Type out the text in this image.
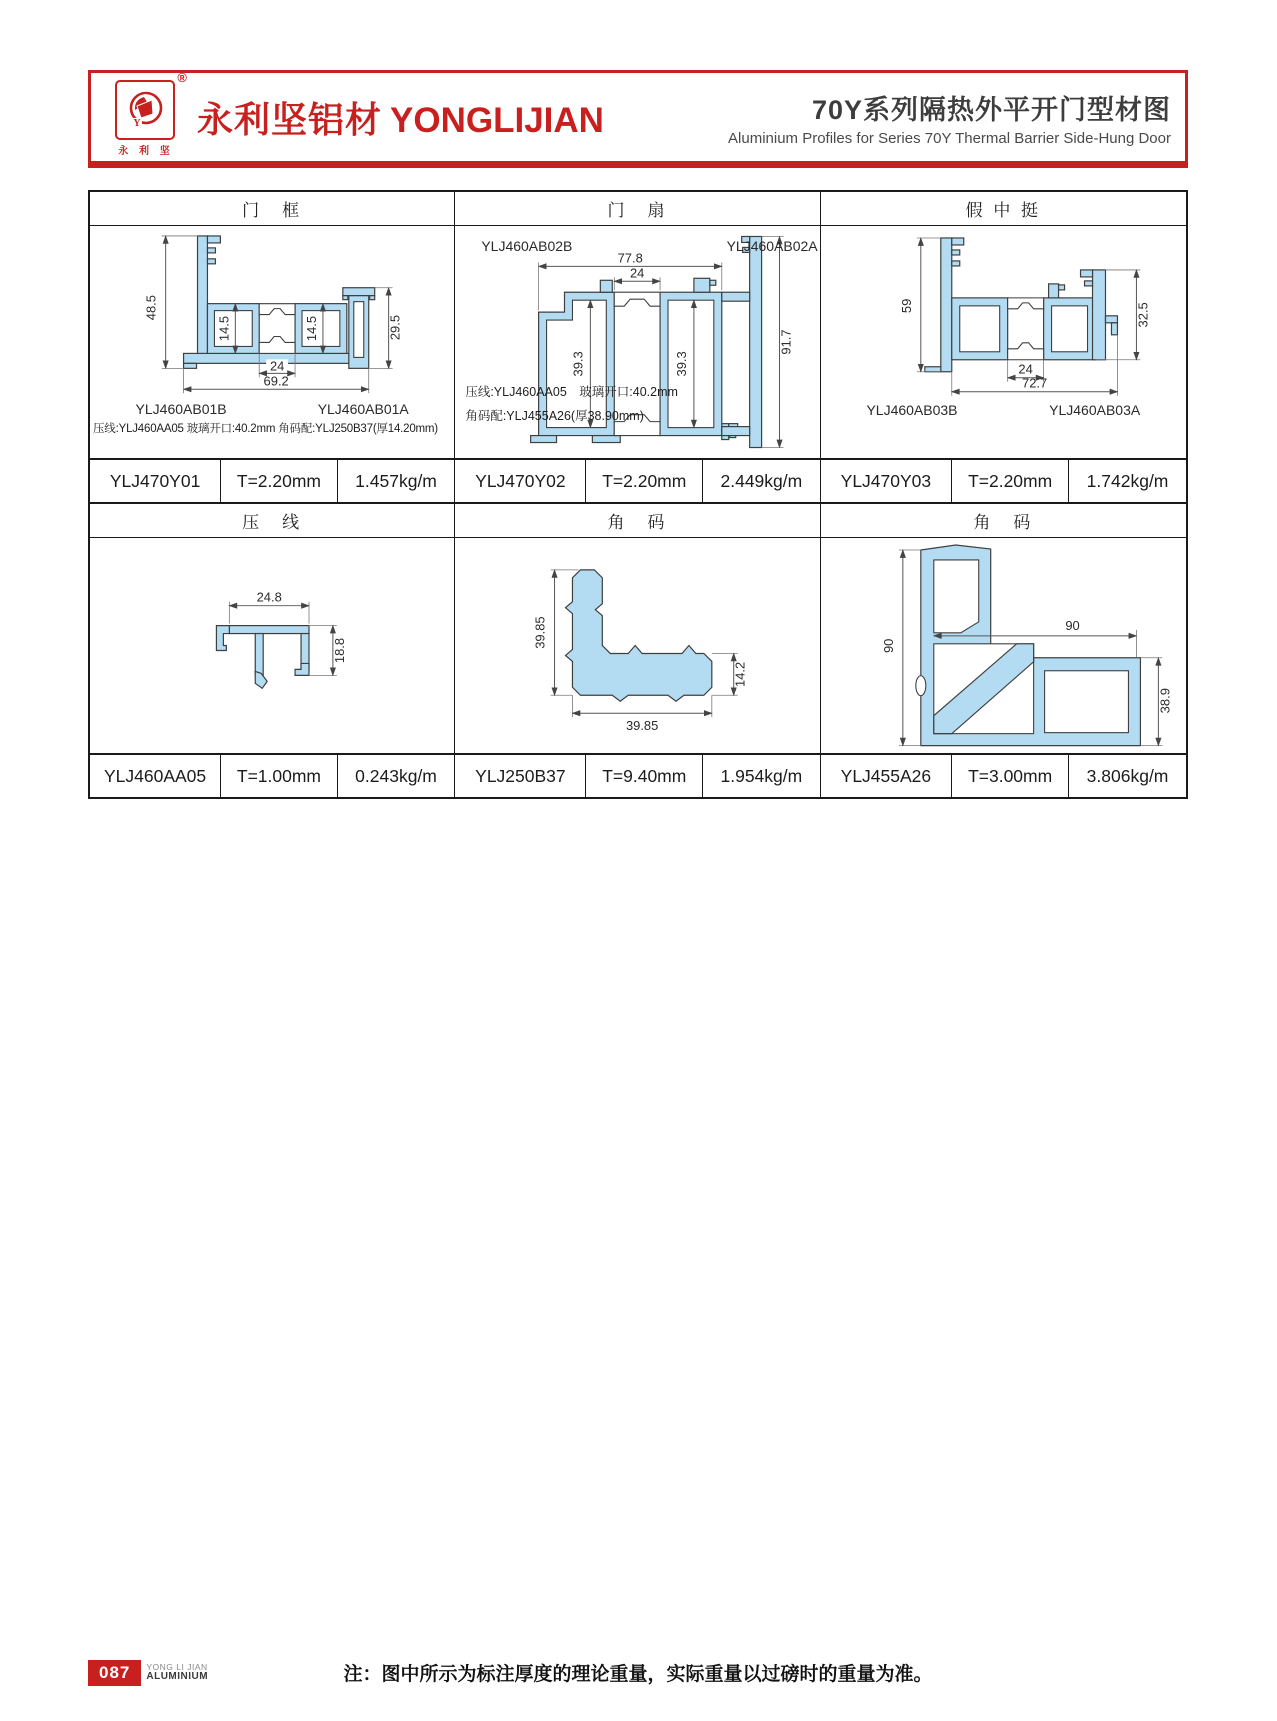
®
Y
永 利 坚
永利坚铝材 YONGLIJIAN	70Y系列隔热外平开门型材图
Aluminium Profiles for Series 70Y Thermal Barrier Side-Hung Door
门　框	门　扇	假 中 挺
48.5
14.5	14.5
24
69.2
29.5
YLJ460AB01B	YLJ460AB01A
压线:YLJ460AA05 玻璃开口:40.2mm 角码配:YLJ250B37(厚14.20mm)
77.8
24
39.3	39.3
91.7
YLJ460AB02B	YLJ460AB02A
压线:YLJ460AA05　玻璃开口:40.2mm
角码配:YLJ455A26(厚38.90mm)
59
24
72.7
32.5
YLJ460AB03B	YLJ460AB03A
YLJ470Y01	T=2.20mm	1.457kg/m	YLJ470Y02	T=2.20mm	2.449kg/m	YLJ470Y03	T=2.20mm	1.742kg/m
压　线	角　码	角　码
24.8
18.8
39.85
39.85
14.2
90
90
38.9
YLJ460AA05	T=1.00mm	0.243kg/m	YLJ250B37	T=9.40mm	1.954kg/m	YLJ455A26	T=3.00mm	3.806kg/m
087	YONG LI JIAN
ALUMINIUM	注：图中所示为标注厚度的理论重量，实际重量以过磅时的重量为准。
